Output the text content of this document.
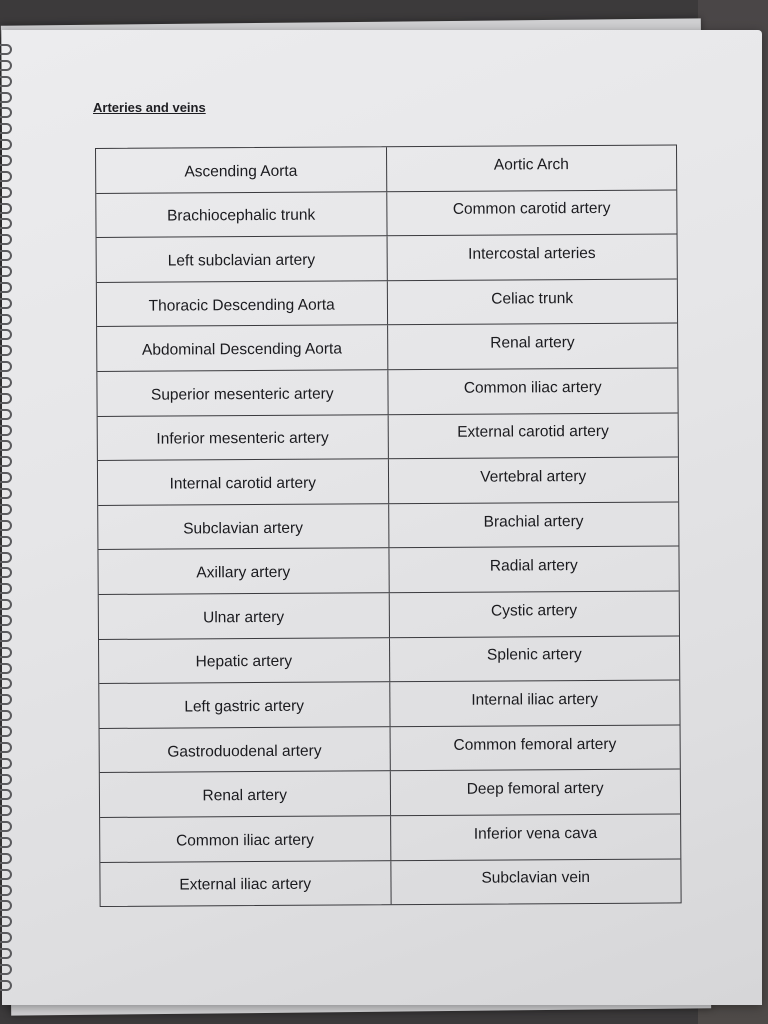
Arteries and veins
Ascending Aorta	Aortic Arch
Brachiocephalic trunk	Common carotid artery
Left subclavian artery	Intercostal arteries
Thoracic Descending Aorta	Celiac trunk
Abdominal Descending Aorta	Renal artery
Superior mesenteric artery	Common iliac artery
Inferior mesenteric artery	External carotid artery
Internal carotid artery	Vertebral artery
Subclavian artery	Brachial artery
Axillary artery	Radial artery
Ulnar artery	Cystic artery
Hepatic artery	Splenic artery
Left gastric artery	Internal iliac artery
Gastroduodenal artery	Common femoral artery
Renal artery	Deep femoral artery
Common iliac artery	Inferior vena cava
External iliac artery	Subclavian vein
